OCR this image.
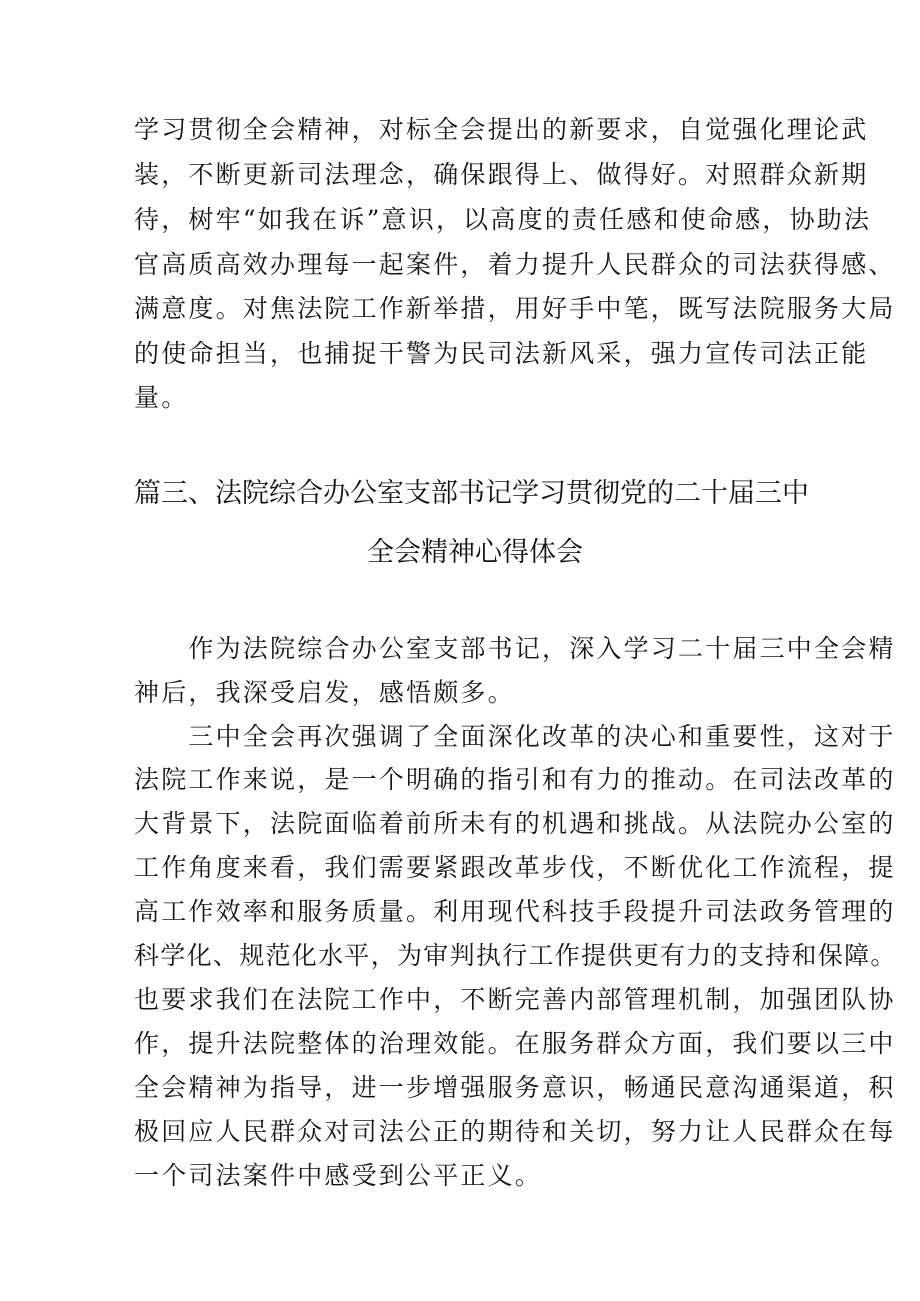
学习贯彻全会精神，对标全会提出的新要求，自觉强化理论武
装，不断更新司法理念，确保跟得上、做得好。对照群众新期
待，树牢“如我在诉”意识，以高度的责任感和使命感，协助法
官高质高效办理每一起案件，着力提升人民群众的司法获得感、
满意度。对焦法院工作新举措，用好手中笔，既写法院服务大局
的使命担当，也捕捉干警为民司法新风采，强力宣传司法正能
量。
篇三、法院综合办公室支部书记学习贯彻党的二十届三中
全会精神心得体会
　　作为法院综合办公室支部书记，深入学习二十届三中全会精
神后，我深受启发，感悟颇多。
　　三中全会再次强调了全面深化改革的决心和重要性，这对于
法院工作来说，是一个明确的指引和有力的推动。在司法改革的
大背景下，法院面临着前所未有的机遇和挑战。从法院办公室的
工作角度来看，我们需要紧跟改革步伐，不断优化工作流程，提
高工作效率和服务质量。利用现代科技手段提升司法政务管理的
科学化、规范化水平，为审判执行工作提供更有力的支持和保障。
也要求我们在法院工作中，不断完善内部管理机制，加强团队协
作，提升法院整体的治理效能。在服务群众方面，我们要以三中
全会精神为指导，进一步增强服务意识，畅通民意沟通渠道，积
极回应人民群众对司法公正的期待和关切，努力让人民群众在每
一个司法案件中感受到公平正义。
